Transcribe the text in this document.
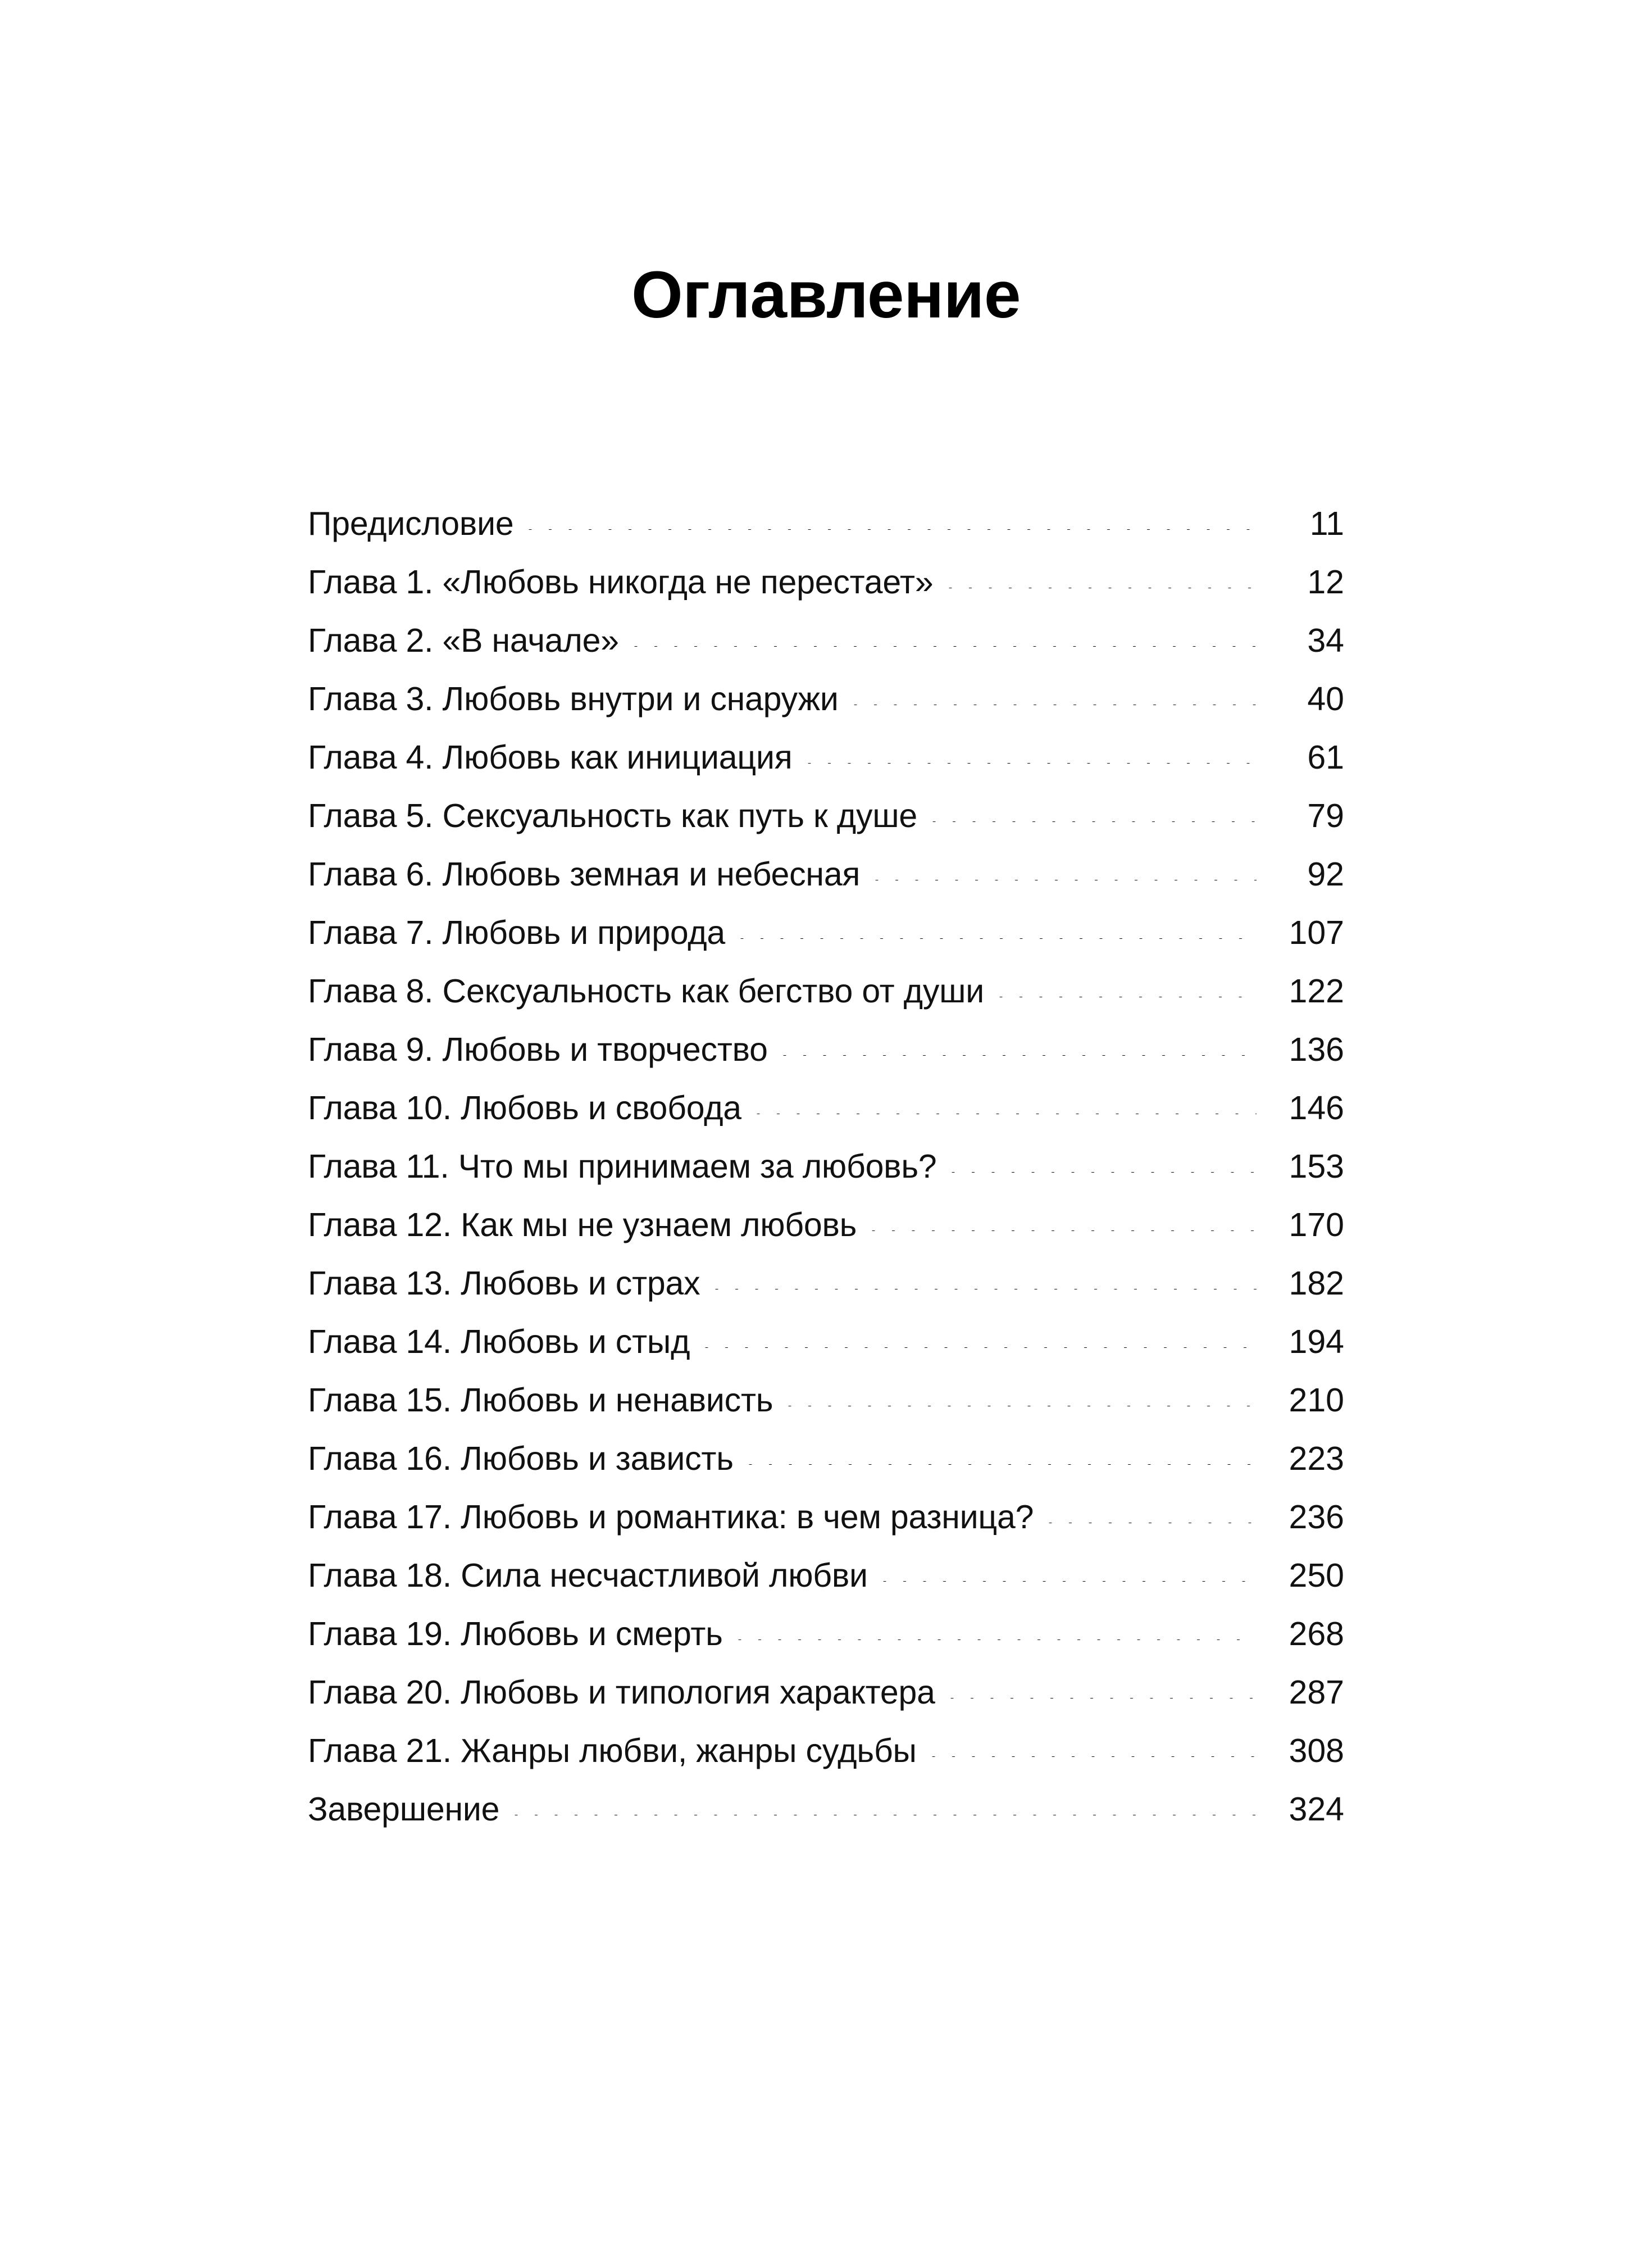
Оглавление
Предисловие	11
Глава 1. «Любовь никогда не перестает»	12
Глава 2. «В начале»	34
Глава 3. Любовь внутри и снаружи	40
Глава 4. Любовь как инициация	61
Глава 5. Сексуальность как путь к душе	79
Глава 6. Любовь земная и небесная	92
Глава 7. Любовь и природа	107
Глава 8. Сексуальность как бегство от души	122
Глава 9. Любовь и творчество	136
Глава 10. Любовь и свобода	146
Глава 11. Что мы принимаем за любовь?	153
Глава 12. Как мы не узнаем любовь	170
Глава 13. Любовь и страх	182
Глава 14. Любовь и стыд	194
Глава 15. Любовь и ненависть	210
Глава 16. Любовь и зависть	223
Глава 17. Любовь и романтика: в чем разница?	236
Глава 18. Сила несчастливой любви	250
Глава 19. Любовь и смерть	268
Глава 20. Любовь и типология характера	287
Глава 21. Жанры любви, жанры судьбы	308
Завершение	324
